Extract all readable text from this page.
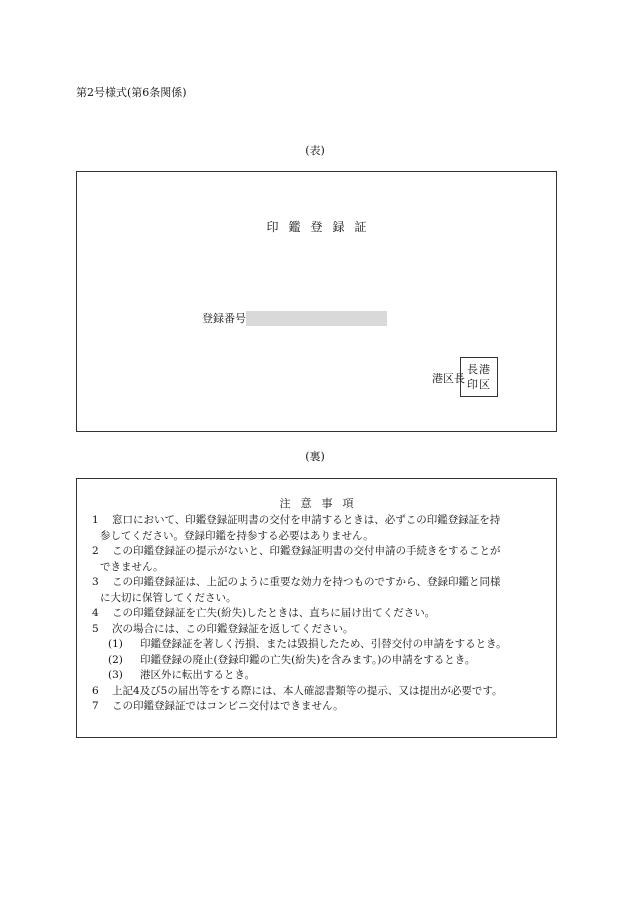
第2号様式(第6条関係)
(表)
印鑑登録証
登録番号
港区長
長港
印区
(裏)
注意事項
1	窓口において、印鑑登録証明書の交付を申請するときは、必ずこの印鑑登録証を持
参してください。登録印鑑を持参する必要はありません。
2	この印鑑登録証の提示がないと、印鑑登録証明書の交付申請の手続きをすることが
できません。
3	この印鑑登録証は、上記のように重要な効力を持つものですから、登録印鑑と同様
に大切に保管してください。
4	この印鑑登録証を亡失(紛失)したときは、直ちに届け出てください。
5	次の場合には、この印鑑登録証を返してください。
(1)	印鑑登録証を著しく汚損、または毀損したため、引替交付の申請をするとき。
(2)	印鑑登録の廃止(登録印鑑の亡失(紛失)を含みます。)の申請をするとき。
(3)	港区外に転出するとき。
6	上記4及び5の届出等をする際には、本人確認書類等の提示、又は提出が必要です。
7	この印鑑登録証ではコンビニ交付はできません。
